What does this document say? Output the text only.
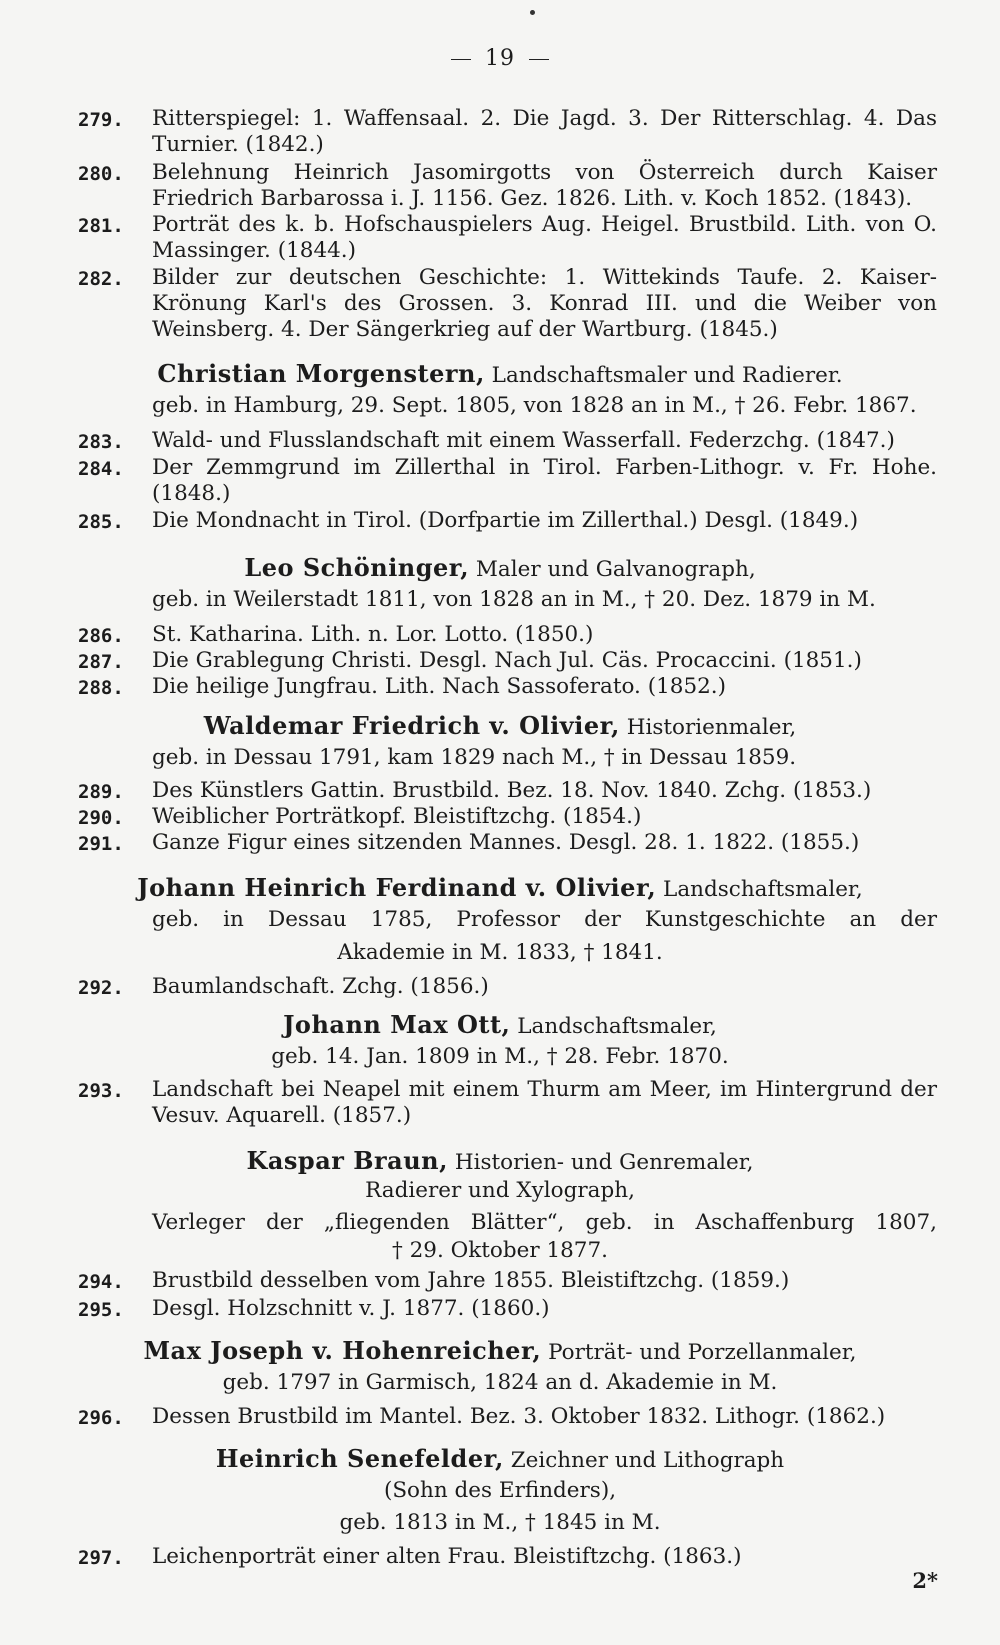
19
279.	Ritterspiegel: 1. Waffensaal. 2. Die Jagd. 3. Der Ritterschlag. 4. Das Turnier. (1842.)
280.	Belehnung Heinrich Jasomirgotts von Österreich durch Kaiser Friedrich Barbarossa i. J. 1156. Gez. 1826. Lith. v. Koch 1852. (1843).
281.	Porträt des k. b. Hofschauspielers Aug. Heigel. Brustbild. Lith. von O. Massinger. (1844.)
282.	Bilder zur deutschen Geschichte: 1. Wittekinds Taufe. 2. Kaiser-Krönung Karl's des Grossen. 3. Konrad III. und die Weiber von Weinsberg. 4. Der Sängerkrieg auf der Wartburg. (1845.)
Christian Morgenstern, Landschaftsmaler und Radierer.
geb. in Hamburg, 29. Sept. 1805, von 1828 an in M., † 26. Febr. 1867.
283.	Wald- und Flusslandschaft mit einem Wasserfall. Federzchg. (1847.)
284.	Der Zemmgrund im Zillerthal in Tirol. Farben-Lithogr. v. Fr. Hohe. (1848.)
285.	Die Mondnacht in Tirol. (Dorfpartie im Zillerthal.) Desgl. (1849.)
Leo Schöninger, Maler und Galvanograph,
geb. in Weilerstadt 1811, von 1828 an in M., † 20. Dez. 1879 in M.
286.	St. Katharina. Lith. n. Lor. Lotto. (1850.)
287.	Die Grablegung Christi. Desgl. Nach Jul. Cäs. Procaccini. (1851.)
288.	Die heilige Jungfrau. Lith. Nach Sassoferato. (1852.)
Waldemar Friedrich v. Olivier, Historienmaler,
geb. in Dessau 1791, kam 1829 nach M., † in Dessau 1859.
289.	Des Künstlers Gattin. Brustbild. Bez. 18. Nov. 1840. Zchg. (1853.)
290.	Weiblicher Porträtkopf. Bleistiftzchg. (1854.)
291.	Ganze Figur eines sitzenden Mannes. Desgl. 28. 1. 1822. (1855.)
Johann Heinrich Ferdinand v. Olivier, Landschaftsmaler,
geb. in Dessau 1785, Professor der Kunstgeschichte an der
Akademie in M. 1833, † 1841.
292.	Baumlandschaft. Zchg. (1856.)
Johann Max Ott, Landschaftsmaler,
geb. 14. Jan. 1809 in M., † 28. Febr. 1870.
293.	Landschaft bei Neapel mit einem Thurm am Meer, im Hintergrund der Vesuv. Aquarell. (1857.)
Kaspar Braun, Historien- und Genremaler,
Radierer und Xylograph,
Verleger der „fliegenden Blätter“, geb. in Aschaffenburg 1807,
† 29. Oktober 1877.
294.	Brustbild desselben vom Jahre 1855. Bleistiftzchg. (1859.)
295.	Desgl. Holzschnitt v. J. 1877. (1860.)
Max Joseph v. Hohenreicher, Porträt- und Porzellanmaler,
geb. 1797 in Garmisch, 1824 an d. Akademie in M.
296.	Dessen Brustbild im Mantel. Bez. 3. Oktober 1832. Lithogr. (1862.)
Heinrich Senefelder, Zeichner und Lithograph
(Sohn des Erfinders),
geb. 1813 in M., † 1845 in M.
297.	Leichenporträt einer alten Frau. Bleistiftzchg. (1863.)
2*
